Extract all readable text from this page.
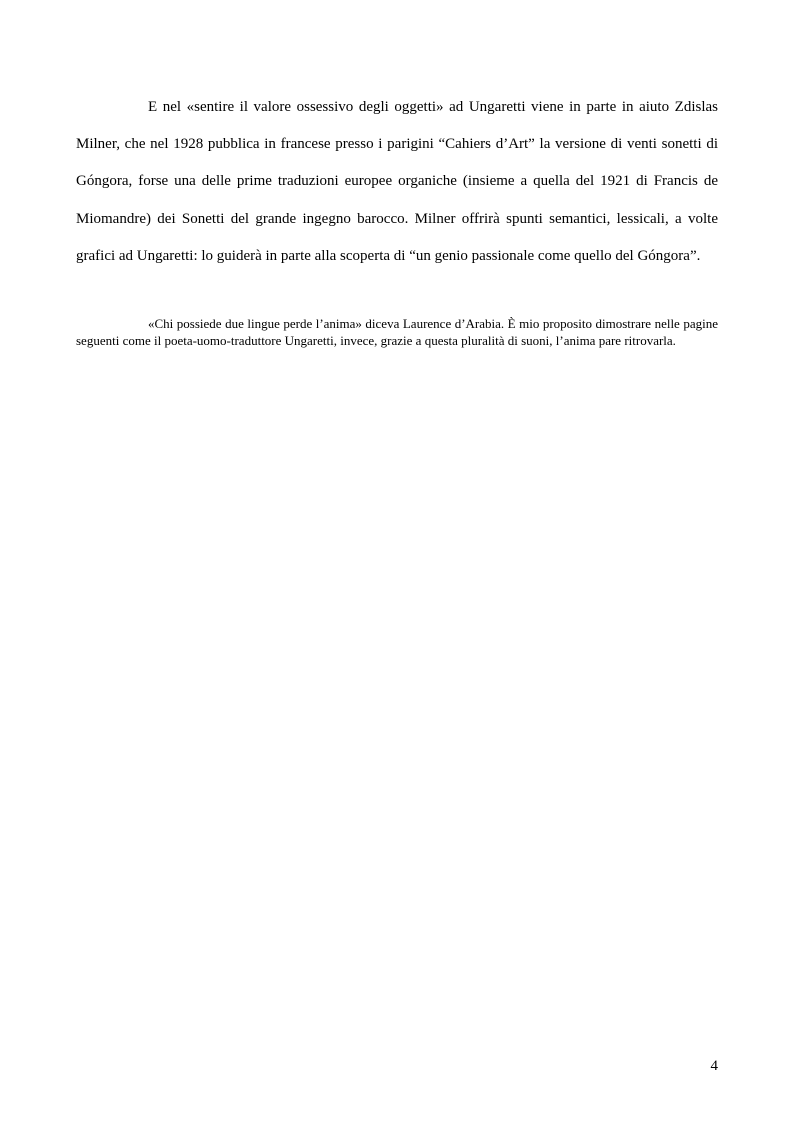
E nel «sentire il valore ossessivo degli oggetti» ad Ungaretti viene in parte in aiuto Zdislas Milner, che nel 1928 pubblica in francese presso i parigini “Cahiers d’Art” la versione di venti sonetti di Góngora, forse una delle prime traduzioni europee organiche (insieme a quella del 1921 di Francis de Miomandre) dei Sonetti del grande ingegno barocco. Milner offrirà spunti semantici, lessicali, a volte grafici ad Ungaretti: lo guiderà in parte alla scoperta di “un genio passionale come quello del Góngora”.

«Chi possiede due lingue perde l’anima» diceva Laurence d’Arabia. È mio proposito dimostrare nelle pagine seguenti come il poeta-uomo-traduttore Ungaretti, invece, grazie a questa pluralità di suoni, l’anima pare ritrovarla.

4
